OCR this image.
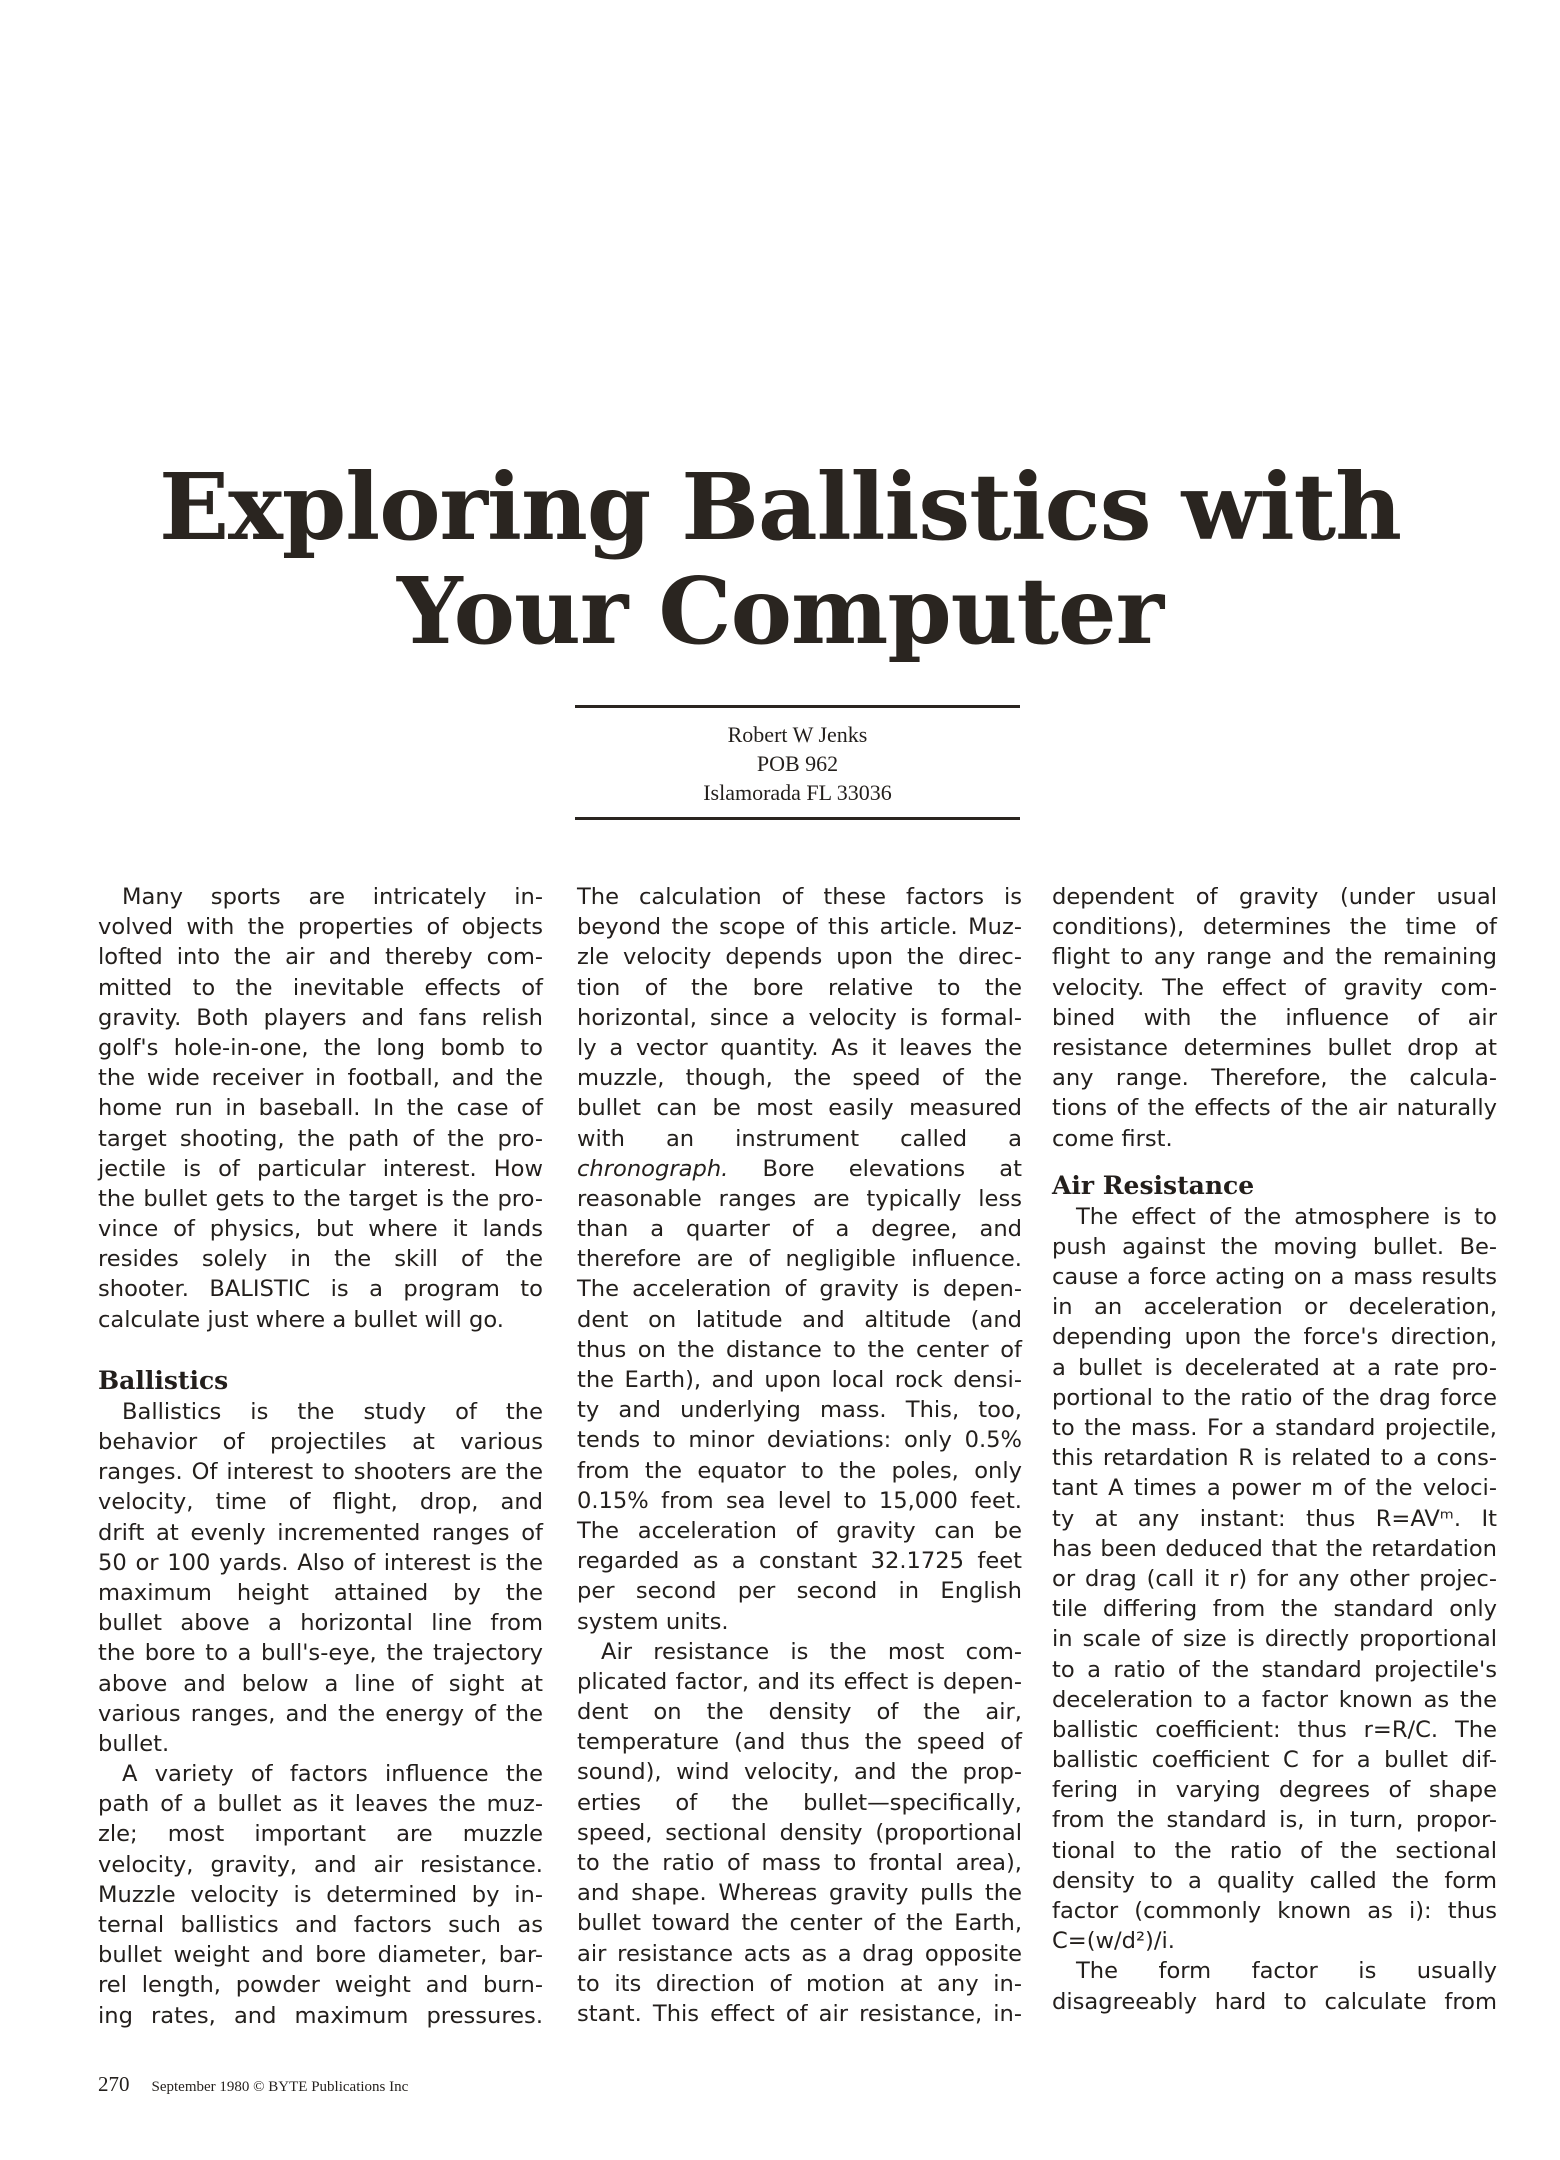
Exploring Ballistics with
Your Computer
Robert W Jenks
POB 962
Islamorada FL 33036
Many sports are intricately in-
volved with the properties of objects
lofted into the air and thereby com-
mitted to the inevitable effects of
gravity. Both players and fans relish
golf's hole-in-one, the long bomb to
the wide receiver in football, and the
home run in baseball. In the case of
target shooting, the path of the pro-
jectile is of particular interest. How
the bullet gets to the target is the pro-
vince of physics, but where it lands
resides solely in the skill of the
shooter. BALISTIC is a program to
calculate just where a bullet will go.
Ballistics
Ballistics is the study of the
behavior of projectiles at various
ranges. Of interest to shooters are the
velocity, time of flight, drop, and
drift at evenly incremented ranges of
50 or 100 yards. Also of interest is the
maximum height attained by the
bullet above a horizontal line from
the bore to a bull's-eye, the trajectory
above and below a line of sight at
various ranges, and the energy of the
bullet.
A variety of factors influence the
path of a bullet as it leaves the muz-
zle; most important are muzzle
velocity, gravity, and air resistance.
Muzzle velocity is determined by in-
ternal ballistics and factors such as
bullet weight and bore diameter, bar-
rel length, powder weight and burn-
ing rates, and maximum pressures.
The calculation of these factors is
beyond the scope of this article. Muz-
zle velocity depends upon the direc-
tion of the bore relative to the
horizontal, since a velocity is formal-
ly a vector quantity. As it leaves the
muzzle, though, the speed of the
bullet can be most easily measured
with an instrument called a
chronograph. Bore elevations at
reasonable ranges are typically less
than a quarter of a degree, and
therefore are of negligible influence.
The acceleration of gravity is depen-
dent on latitude and altitude (and
thus on the distance to the center of
the Earth), and upon local rock densi-
ty and underlying mass. This, too,
tends to minor deviations: only 0.5%
from the equator to the poles, only
0.15% from sea level to 15,000 feet.
The acceleration of gravity can be
regarded as a constant 32.1725 feet
per second per second in English
system units.
Air resistance is the most com-
plicated factor, and its effect is depen-
dent on the density of the air,
temperature (and thus the speed of
sound), wind velocity, and the prop-
erties of the bullet—specifically,
speed, sectional density (proportional
to the ratio of mass to frontal area),
and shape. Whereas gravity pulls the
bullet toward the center of the Earth,
air resistance acts as a drag opposite
to its direction of motion at any in-
stant. This effect of air resistance, in-
dependent of gravity (under usual
conditions), determines the time of
flight to any range and the remaining
velocity. The effect of gravity com-
bined with the influence of air
resistance determines bullet drop at
any range. Therefore, the calcula-
tions of the effects of the air naturally
come first.
Air Resistance
The effect of the atmosphere is to
push against the moving bullet. Be-
cause a force acting on a mass results
in an acceleration or deceleration,
depending upon the force's direction,
a bullet is decelerated at a rate pro-
portional to the ratio of the drag force
to the mass. For a standard projectile,
this retardation R is related to a cons-
tant A times a power m of the veloci-
ty at any instant: thus R=AVᵐ. It
has been deduced that the retardation
or drag (call it r) for any other projec-
tile differing from the standard only
in scale of size is directly proportional
to a ratio of the standard projectile's
deceleration to a factor known as the
ballistic coefficient: thus r=R/C. The
ballistic coefficient C for a bullet dif-
fering in varying degrees of shape
from the standard is, in turn, propor-
tional to the ratio of the sectional
density to a quality called the form
factor (commonly known as i): thus
C=(w/d²)/i.
The form factor is usually
disagreeably hard to calculate from
270 September 1980 © BYTE Publications Inc
